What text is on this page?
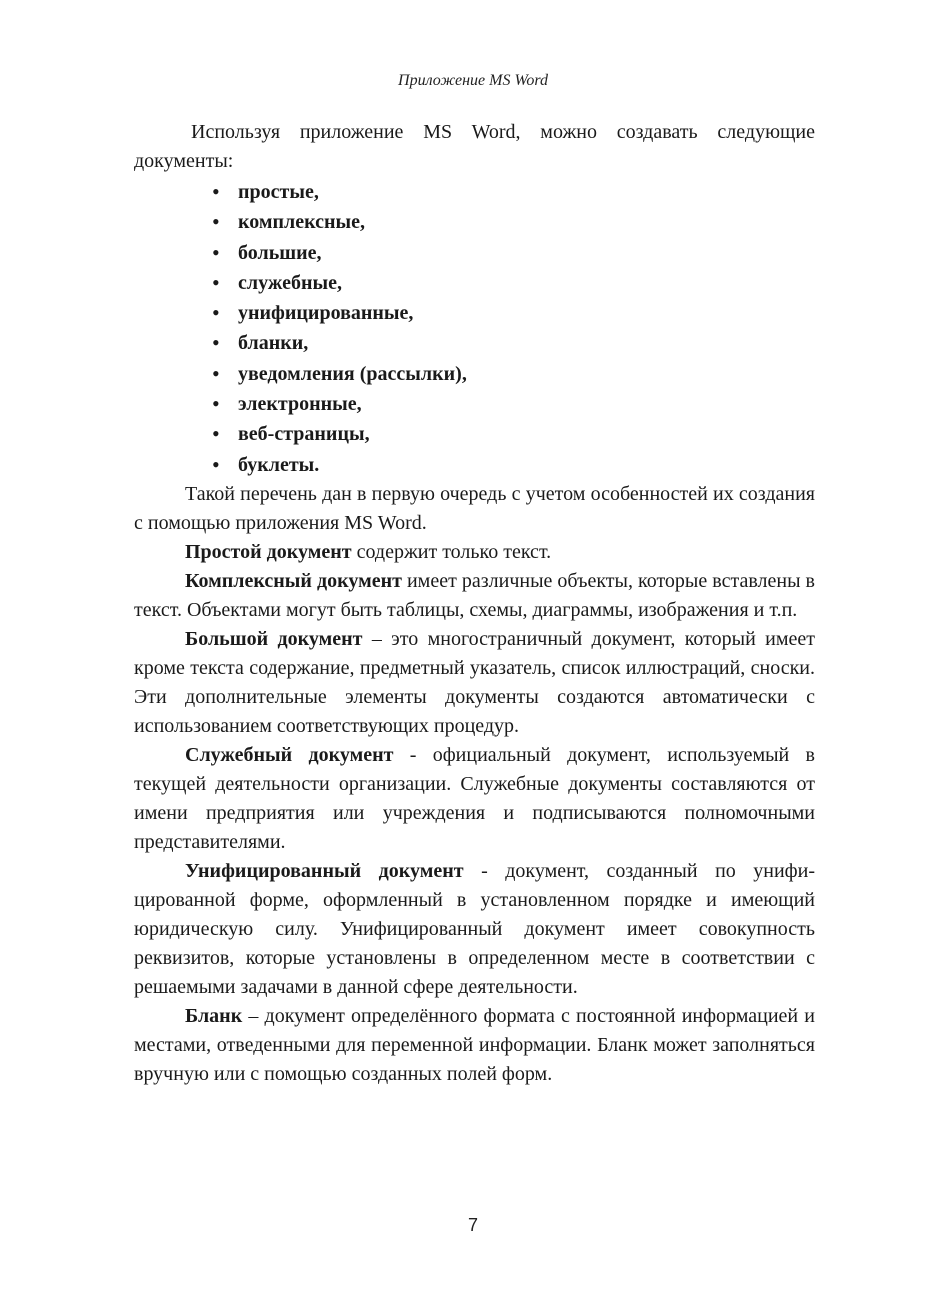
Приложение MS Word

Используя приложение MS Word, можно создавать следующие документы:

• простые,
• комплексные,
• большие,
• служебные,
• унифицированные,
• бланки,
• уведомления (рассылки),
• электронные,
• веб-страницы,
• буклеты.

Такой перечень дан в первую очередь с учетом особенностей их создания с помощью приложения MS Word.

Простой документ содержит только текст.

Комплексный документ имеет различные объекты, которые вставлены в текст. Объектами могут быть таблицы, схемы, диаграммы, изображения и т.п.

Большой документ – это многостраничный документ, который имеет кроме текста содержание, предметный указатель, список иллюстраций, сноски. Эти дополнительные элементы документы создаются автоматически с использованием соответствующих процедур.

Служебный документ - официальный документ, используемый в текущей деятельности организации. Служебные документы составляются от имени предприятия или учреждения и подписываются полномочными представителями.

Унифицированный документ - документ, созданный по унифицированной форме, оформленный в установленном порядке и имеющий юридическую силу. Унифицированный документ имеет совокупность реквизитов, которые установлены в определенном месте в соответствии с решаемыми задачами в данной сфере деятельности.

Бланк – документ определённого формата с постоянной информацией и местами, отведенными для переменной информации. Бланк может заполняться вручную или с помощью созданных полей форм.

7
